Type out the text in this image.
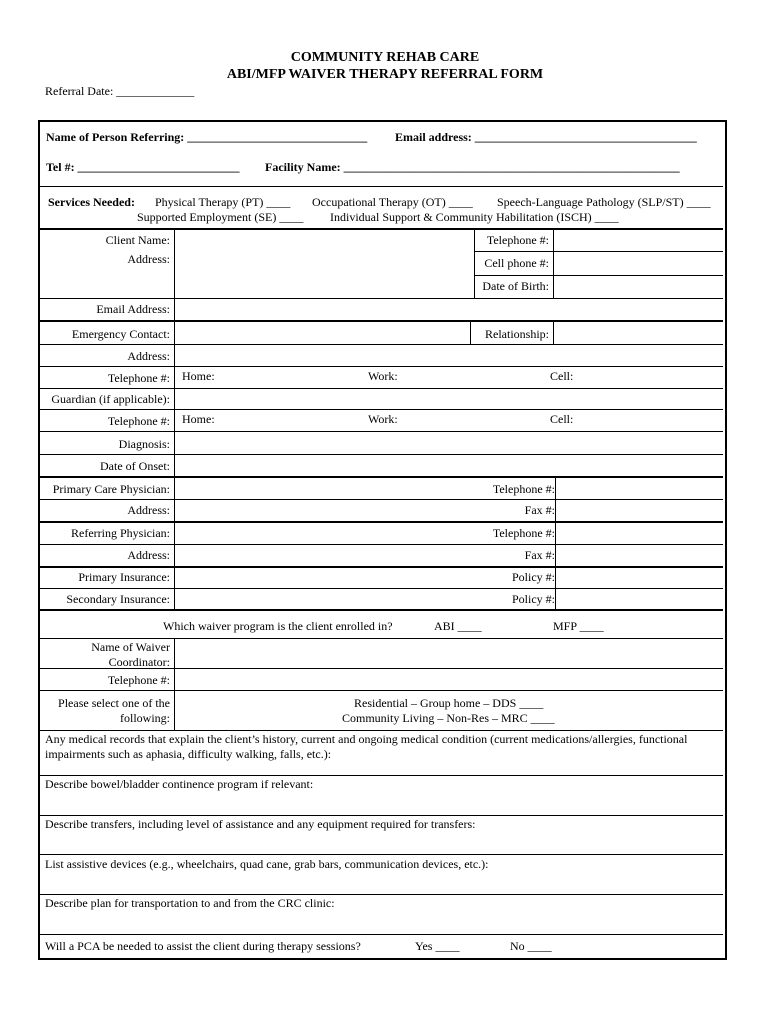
COMMUNITY REHAB CARE
ABI/MFP WAIVER THERAPY REFERRAL FORM
Referral Date: _____________
Name of Person Referring: ______________________________ Email address: _____________________________________
Tel #: ___________________________ Facility Name: ________________________________________________________
Services Needed: Physical Therapy (PT) ____ Occupational Therapy (OT) ____ Speech-Language Pathology (SLP/ST) ____
Supported Employment (SE) ____ Individual Support & Community Habilitation (ISCH) ____
Client Name:
Address:
Email Address:
Telephone #:
Cell phone #:
Date of Birth:
Emergency Contact:	Relationship:
Address:
Telephone #: Home:	Work:	Cell:
Guardian (if applicable):
Telephone #: Home:	Work:	Cell:
Diagnosis:
Date of Onset:
Primary Care Physician:	Telephone #:
Address:	Fax #:
Referring Physician:	Telephone #:
Address:	Fax #:
Primary Insurance:	Policy #:
Secondary Insurance:	Policy #:
Which waiver program is the client enrolled in?	ABI ____	MFP ____
Name of Waiver
Coordinator:
Telephone #:
Please select one of the
following:
Residential – Group home – DDS ____
Community Living – Non-Res – MRC ____
Any medical records that explain the client’s history, current and ongoing medical condition (current medications/allergies, functional impairments such as aphasia, difficulty walking, falls, etc.):
Describe bowel/bladder continence program if relevant:
Describe transfers, including level of assistance and any equipment required for transfers:
List assistive devices (e.g., wheelchairs, quad cane, grab bars, communication devices, etc.):
Describe plan for transportation to and from the CRC clinic:
Will a PCA be needed to assist the client during therapy sessions?	Yes ____	No ____
